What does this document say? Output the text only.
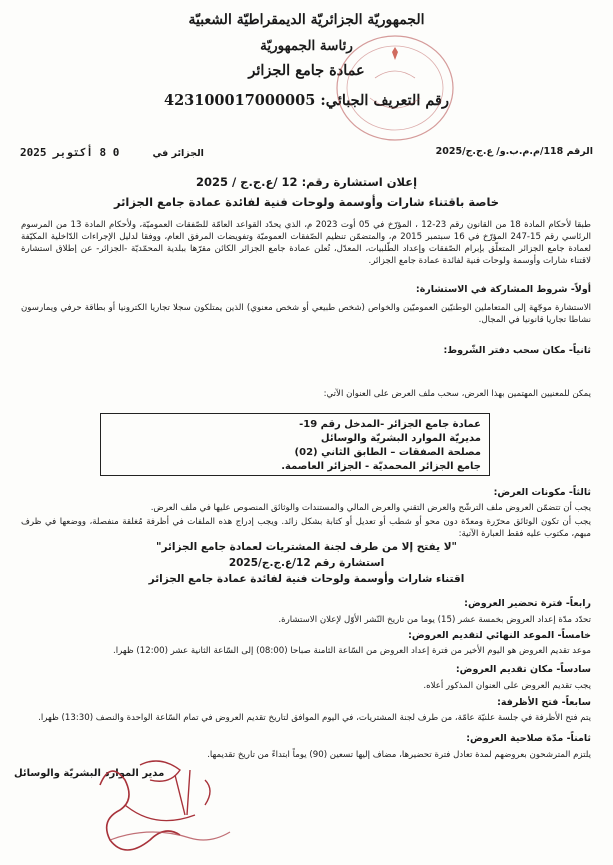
الجمهوريّة الجزائريّة الديمقراطيّة الشعبيّة
رئاسة الجمهوريّة
عمادة جامع الجزائر
رقم التعريف الجبائي: 423100017000005
الرقم 118/م.م.ب.و/ ع.ج.ج/2025
الجزائر في          0 8 أكتوبر 2025
إعلان استشارة رقم: 12 /ع.ج.ج / 2025
خاصة باقتناء شارات وأوسمة ولوحات فنية لفائدة عمادة جامع الجزائر
طبقا لأحكام المادة 18 من القانون رقم 23-12 ، المؤرّخ في 05 أوت 2023 م، الذي يحدّد القواعد العامّة للصّفقات العموميّة، ولأحكام المادة 13 من المرسوم الرئاسي رقم 15-247 المؤرّخ في 16 سبتمبر 2015 م، والمتضمّن تنظيم الصّفقات العموميّة وتفويضات المرفق العام، ووفقا لدليل الإجراءات الدّاخلية المكيّفة لعمادة جامع الجزائر المتعلّق بإبرام الصّفقات وإعداد الطّلبيات، المعدّل، تُعلن عمادة جامع الجزائر الكائن مقرّها ببلدية المحمّديّة -الجزائر- عن إطلاق استشارة لاقتناء شارات وأوسمة ولوحات فنية لفائدة عمادة جامع الجزائر.
أولاً- شروط المشاركة في الاستشارة:
الاستشارة موجّهة إلى المتعاملين الوطنيّين العموميّين والخواص (شخص طبيعي أو شخص معنوي) الذين يمتلكون سجلا تجاريا الكترونيا أو بطاقة حرفي ويمارسون نشاطا تجاريا قانونيا في المجال.
ثانياً- مكان سحب دفتر الشّروط:
يمكن للمعنيين المهتمين بهذا العرض، سحب ملف العرض على العنوان الآتي:
عمادة جامع الجزائر -المدخل رقم 19-
مديريّة الموارد البشريّة والوسائل
مصلحة الصفقات – الطابق الثاني (02)
جامع الجزائر المحمديّة - الجزائر العاصمة.
ثالثاً- مكونات العرض:
يجب أن تتضمّن العروض ملف الترشّح والعرض التقني والعرض المالي والمستندات والوثائق المنصوص عليها في ملف العرض.
يجب أن تكون الوثائق محرّرة ومعدّة دون محو أو شطب أو تعديل أو كتابة بشكل زائد. ويجب إدراج هذه الملفات في أظرفة مُغلقة منفصلة، ووضعها في ظرف مبهم، مكتوب عليه فقط العبارة الآتية:
"لا يفتح إلا من طرف لجنة المشتريات لعمادة جامع الجزائر"
استشارة رقم 12/ع.ج.ج/2025
اقتناء شارات وأوسمة ولوحات فنية لفائدة عمادة جامع الجزائر
رابعاً- فترة تحضير العروض:
تحدّد مدّة إعداد العروض بخمسة عشر (15) يوما من تاريخ النّشر الأوّل لإعلان الاستشارة.
خامساً- الموعد النهائي لتقديم العروض:
موعد تقديم العروض هو اليوم الأخير من فترة إعداد العروض من السّاعة الثامنة صباحا (08:00) إلى السّاعة الثانية عشر (12:00) ظهرا.
سادساً- مكان تقديم العروض:
يجب تقديم العروض على العنوان المذكور أعلاه.
سابعاً- فتح الأظرفة:
يتم فتح الأظرفة في جلسة علنيّة عامّة، من طرف لجنة المشتريات، في اليوم الموافق لتاريخ تقديم العروض في تمام السّاعة الواحدة والنصف (13:30) ظهرا.
ثامناً- مدّة صلاحية العروض:
يلتزم المترشحون بعروضهم لمدة تعادل فترة تحضيرها، مضاف إليها تسعين (90) يوماً ابتداءً من تاريخ تقديمها.
مدير الموارد البشريّة والوسائل
